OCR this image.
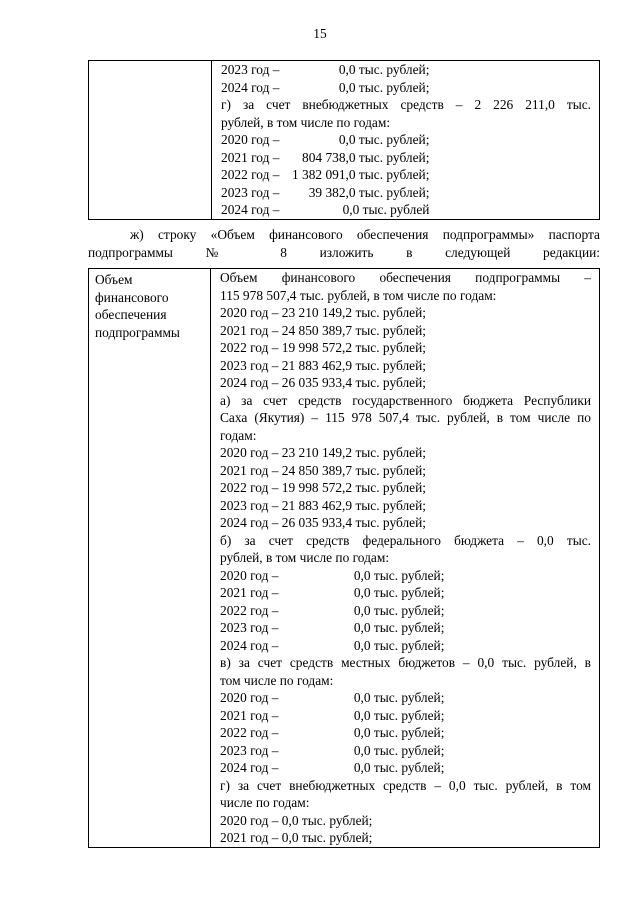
15

2023 год –	0,0 тыс. рублей;
2024 год –	0,0 тыс. рублей;
г) за счет внебюджетных средств – 2 226 211,0 тыс.
рублей, в том числе по годам:
2020 год –	0,0 тыс. рублей;
2021 год – 804 738,0 тыс. рублей;
2022 год – 1 382 091,0 тыс. рублей;
2023 год – 39 382,0 тыс. рублей;
2024 год –	0,0 тыс. рублей
ж) строку «Объем финансового обеспечения подпрограммы» паспорта
подпрограммы № 8 изложить в следующей редакции:
Объем
финансового
обеспечения
подпрограммы

Объем финансового обеспечения подпрограммы –
115 978 507,4 тыс. рублей, в том числе по годам:
2020 год – 23 210 149,2 тыс. рублей;
2021 год – 24 850 389,7 тыс. рублей;
2022 год – 19 998 572,2 тыс. рублей;
2023 год – 21 883 462,9 тыс. рублей;
2024 год – 26 035 933,4 тыс. рублей;
а) за счет средств государственного бюджета Республики
Саха (Якутия) – 115 978 507,4 тыс. рублей, в том числе по
годам:
2020 год – 23 210 149,2 тыс. рублей;
2021 год – 24 850 389,7 тыс. рублей;
2022 год – 19 998 572,2 тыс. рублей;
2023 год – 21 883 462,9 тыс. рублей;
2024 год – 26 035 933,4 тыс. рублей;
б) за счет средств федерального бюджета – 0,0 тыс.
рублей, в том числе по годам:
2020 год –	0,0 тыс. рублей;
2021 год –	0,0 тыс. рублей;
2022 год –	0,0 тыс. рублей;
2023 год –	0,0 тыс. рублей;
2024 год –	0,0 тыс. рублей;
в) за счет средств местных бюджетов – 0,0 тыс. рублей, в
том числе по годам:
2020 год –	0,0 тыс. рублей;
2021 год –	0,0 тыс. рублей;
2022 год –	0,0 тыс. рублей;
2023 год –	0,0 тыс. рублей;
2024 год –	0,0 тыс. рублей;
г) за счет внебюджетных средств – 0,0 тыс. рублей, в том
числе по годам:
2020 год – 0,0 тыс. рублей;
2021 год – 0,0 тыс. рублей;
